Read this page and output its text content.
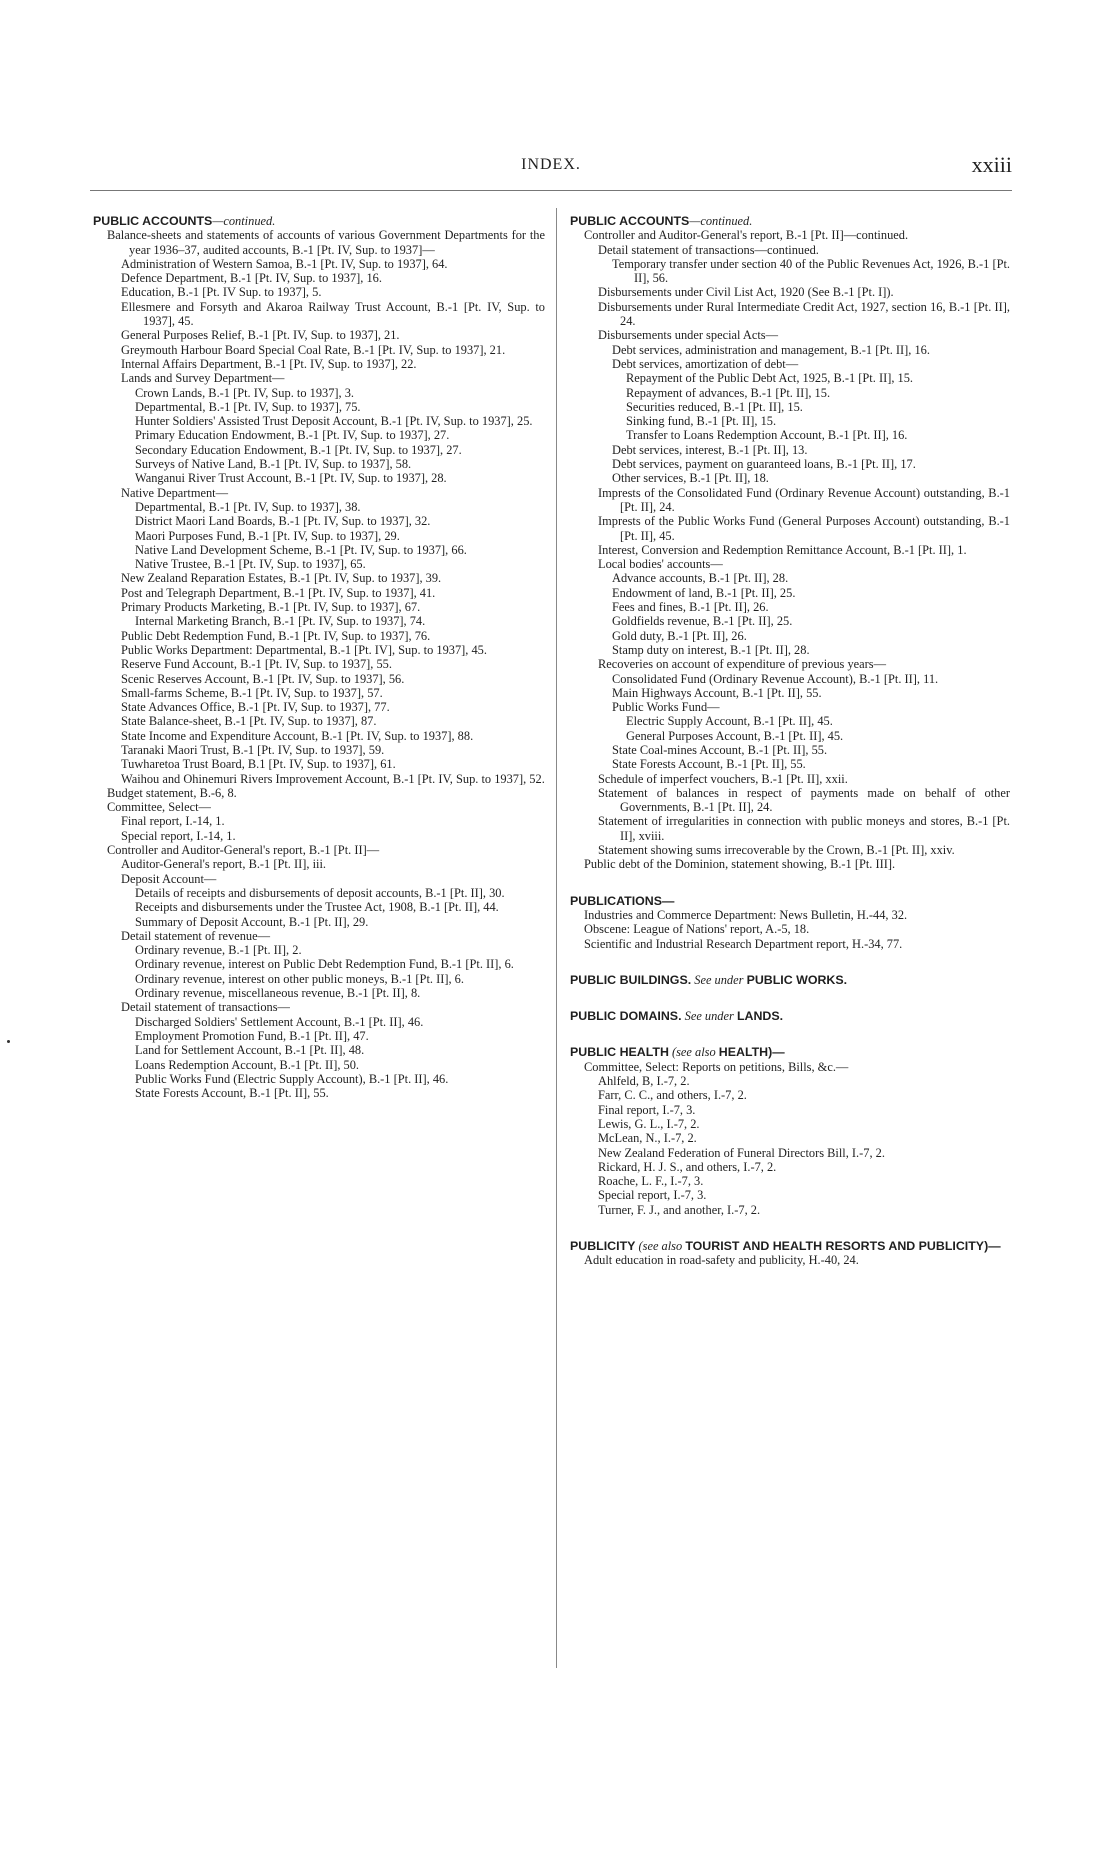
INDEX.	xxiii
PUBLIC ACCOUNTS—continued.
Balance-sheets and statements of accounts of various Government Departments for the year 1936–37, audited accounts, B.-1 [Pt. IV, Sup. to 1937]—
Administration of Western Samoa, B.-1 [Pt. IV, Sup. to 1937], 64.
Defence Department, B.-1 [Pt. IV, Sup. to 1937], 16.
Education, B.-1 [Pt. IV Sup. to 1937], 5.
Ellesmere and Forsyth and Akaroa Railway Trust Account, B.-1 [Pt. IV, Sup. to 1937], 45.
General Purposes Relief, B.-1 [Pt. IV, Sup. to 1937], 21.
Greymouth Harbour Board Special Coal Rate, B.-1 [Pt. IV, Sup. to 1937], 21.
Internal Affairs Department, B.-1 [Pt. IV, Sup. to 1937], 22.
Lands and Survey Department—
Crown Lands, B.-1 [Pt. IV, Sup. to 1937], 3.
Departmental, B.-1 [Pt. IV, Sup. to 1937], 75.
Hunter Soldiers' Assisted Trust Deposit Account, B.-1 [Pt. IV, Sup. to 1937], 25.
Primary Education Endowment, B.-1 [Pt. IV, Sup. to 1937], 27.
Secondary Education Endowment, B.-1 [Pt. IV, Sup. to 1937], 27.
Surveys of Native Land, B.-1 [Pt. IV, Sup. to 1937], 58.
Wanganui River Trust Account, B.-1 [Pt. IV, Sup. to 1937], 28.
Native Department—
Departmental, B.-1 [Pt. IV, Sup. to 1937], 38.
District Maori Land Boards, B.-1 [Pt. IV, Sup. to 1937], 32.
Maori Purposes Fund, B.-1 [Pt. IV, Sup. to 1937], 29.
Native Land Development Scheme, B.-1 [Pt. IV, Sup. to 1937], 66.
Native Trustee, B.-1 [Pt. IV, Sup. to 1937], 65.
New Zealand Reparation Estates, B.-1 [Pt. IV, Sup. to 1937], 39.
Post and Telegraph Department, B.-1 [Pt. IV, Sup. to 1937], 41.
Primary Products Marketing, B.-1 [Pt. IV, Sup. to 1937], 67.
Internal Marketing Branch, B.-1 [Pt. IV, Sup. to 1937], 74.
Public Debt Redemption Fund, B.-1 [Pt. IV, Sup. to 1937], 76.
Public Works Department: Departmental, B.-1 [Pt. IV], Sup. to 1937], 45.
Reserve Fund Account, B.-1 [Pt. IV, Sup. to 1937], 55.
Scenic Reserves Account, B.-1 [Pt. IV, Sup. to 1937], 56.
Small-farms Scheme, B.-1 [Pt. IV, Sup. to 1937], 57.
State Advances Office, B.-1 [Pt. IV, Sup. to 1937], 77.
State Balance-sheet, B.-1 [Pt. IV, Sup. to 1937], 87.
State Income and Expenditure Account, B.-1 [Pt. IV, Sup. to 1937], 88.
Taranaki Maori Trust, B.-1 [Pt. IV, Sup. to 1937], 59.
Tuwharetoa Trust Board, B.1 [Pt. IV, Sup. to 1937], 61.
Waihou and Ohinemuri Rivers Improvement Account, B.-1 [Pt. IV, Sup. to 1937], 52.
Budget statement, B.-6, 8.
Committee, Select—
Final report, I.-14, 1.
Special report, I.-14, 1.
Controller and Auditor-General's report, B.-1 [Pt. II]—
Auditor-General's report, B.-1 [Pt. II], iii.
Deposit Account—
Details of receipts and disbursements of deposit accounts, B.-1 [Pt. II], 30.
Receipts and disbursements under the Trustee Act, 1908, B.-1 [Pt. II], 44.
Summary of Deposit Account, B.-1 [Pt. II], 29.
Detail statement of revenue—
Ordinary revenue, B.-1 [Pt. II], 2.
Ordinary revenue, interest on Public Debt Redemption Fund, B.-1 [Pt. II], 6.
Ordinary revenue, interest on other public moneys, B.-1 [Pt. II], 6.
Ordinary revenue, miscellaneous revenue, B.-1 [Pt. II], 8.
Detail statement of transactions—
Discharged Soldiers' Settlement Account, B.-1 [Pt. II], 46.
Employment Promotion Fund, B.-1 [Pt. II], 47.
Land for Settlement Account, B.-1 [Pt. II], 48.
Loans Redemption Account, B.-1 [Pt. II], 50.
Public Works Fund (Electric Supply Account), B.-1 [Pt. II], 46.
State Forests Account, B.-1 [Pt. II], 55.
PUBLIC ACCOUNTS—continued.
Controller and Auditor-General's report, B.-1 [Pt. II]—continued.
Detail statement of transactions—continued.
Temporary transfer under section 40 of the Public Revenues Act, 1926, B.-1 [Pt. II], 56.
Disbursements under Civil List Act, 1920 (See B.-1 [Pt. I]).
Disbursements under Rural Intermediate Credit Act, 1927, section 16, B.-1 [Pt. II], 24.
Disbursements under special Acts—
Debt services, administration and management, B.-1 [Pt. II], 16.
Debt services, amortization of debt—
Repayment of the Public Debt Act, 1925, B.-1 [Pt. II], 15.
Repayment of advances, B.-1 [Pt. II], 15.
Securities reduced, B.-1 [Pt. II], 15.
Sinking fund, B.-1 [Pt. II], 15.
Transfer to Loans Redemption Account, B.-1 [Pt. II], 16.
Debt services, interest, B.-1 [Pt. II], 13.
Debt services, payment on guaranteed loans, B.-1 [Pt. II], 17.
Other services, B.-1 [Pt. II], 18.
Imprests of the Consolidated Fund (Ordinary Revenue Account) outstanding, B.-1 [Pt. II], 24.
Imprests of the Public Works Fund (General Purposes Account) outstanding, B.-1 [Pt. II], 45.
Interest, Conversion and Redemption Remittance Account, B.-1 [Pt. II], 1.
Local bodies' accounts—
Advance accounts, B.-1 [Pt. II], 28.
Endowment of land, B.-1 [Pt. II], 25.
Fees and fines, B.-1 [Pt. II], 26.
Goldfields revenue, B.-1 [Pt. II], 25.
Gold duty, B.-1 [Pt. II], 26.
Stamp duty on interest, B.-1 [Pt. II], 28.
Recoveries on account of expenditure of previous years—
Consolidated Fund (Ordinary Revenue Account), B.-1 [Pt. II], 11.
Main Highways Account, B.-1 [Pt. II], 55.
Public Works Fund—
Electric Supply Account, B.-1 [Pt. II], 45.
General Purposes Account, B.-1 [Pt. II], 45.
State Coal-mines Account, B.-1 [Pt. II], 55.
State Forests Account, B.-1 [Pt. II], 55.
Schedule of imperfect vouchers, B.-1 [Pt. II], xxii.
Statement of balances in respect of payments made on behalf of other Governments, B.-1 [Pt. II], 24.
Statement of irregularities in connection with public moneys and stores, B.-1 [Pt. II], xviii.
Statement showing sums irrecoverable by the Crown, B.-1 [Pt. II], xxiv.
Public debt of the Dominion, statement showing, B.-1 [Pt. III].
PUBLICATIONS—
Industries and Commerce Department: News Bulletin, H.-44, 32.
Obscene: League of Nations' report, A.-5, 18.
Scientific and Industrial Research Department report, H.-34, 77.
PUBLIC BUILDINGS. See under PUBLIC WORKS.
PUBLIC DOMAINS. See under LANDS.
PUBLIC HEALTH (see also HEALTH)—
Committee, Select: Reports on petitions, Bills, &c.—
Ahlfeld, B, I.-7, 2.
Farr, C. C., and others, I.-7, 2.
Final report, I.-7, 3.
Lewis, G. L., I.-7, 2.
McLean, N., I.-7, 2.
New Zealand Federation of Funeral Directors Bill, I.-7, 2.
Rickard, H. J. S., and others, I.-7, 2.
Roache, L. F., I.-7, 3.
Special report, I.-7, 3.
Turner, F. J., and another, I.-7, 2.
PUBLICITY (see also TOURIST AND HEALTH RESORTS AND PUBLICITY)—
Adult education in road-safety and publicity, H.-40, 24.
